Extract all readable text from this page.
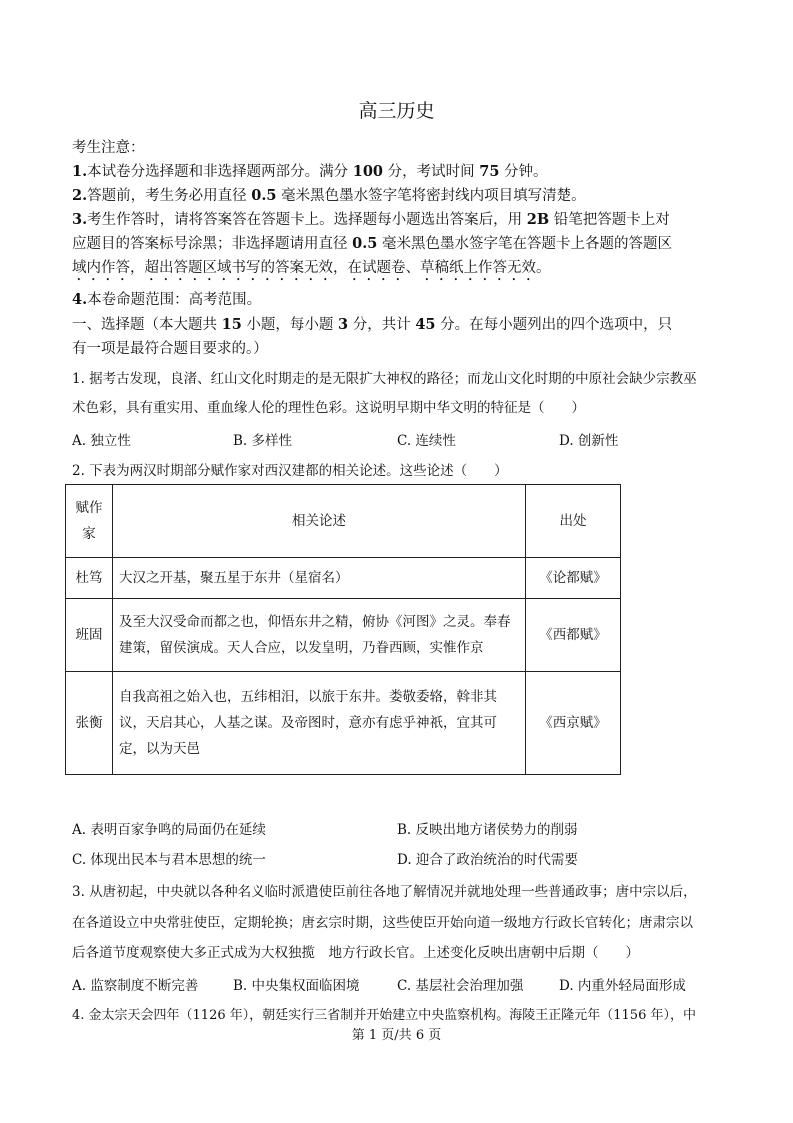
高三历史
考生注意：
1.本试卷分选择题和非选择题两部分。满分 100 分，考试时间 75 分钟。
2.答题前，考生务必用直径 0.5 毫米黑色墨水签字笔将密封线内项目填写清楚。
3.考生作答时，请将答案答在答题卡上。选择题每小题选出答案后，用 2B 铅笔把答题卡上对
应题目的答案标号涂黑；非选择题请用直径 0.5 毫米黑色墨水签字笔在答题卡上各题的答题区
域内作答，超出答题区域书写的答案无效，在试题卷、草稿纸上作答无效。
4.本卷命题范围：高考范围。
一、选择题（本大题共 15 小题，每小题 3 分，共计 45 分。在每小题列出的四个选项中，只
有一项是最符合题目要求的。）
1. 据考古发现，良渚、红山文化时期走的是无限扩大神权的路径；而龙山文化时期的中原社会缺少宗教巫
术色彩，具有重实用、重血缘人伦的理性色彩。这说明早期中华文明的特征是（　　）
A. 独立性	B. 多样性	C. 连续性	D. 创新性
2. 下表为两汉时期部分赋作家对西汉建都的相关论述。这些论述（　　）
赋作家	相关论述	出处
杜笃	大汉之开基，聚五星于东井（星宿名）	《论都赋》
班固	及至大汉受命而都之也，仰悟东井之精，俯协《河图》之灵。奉春建策，留侯演成。天人合应，以发皇明，乃眷西顾，实惟作京	《西都赋》
张衡	自我高祖之始入也，五纬相汨，以旅于东井。娄敬委辂，斡非其议，天启其心，人基之谋。及帝图时，意亦有虑乎神祇，宜其可定，以为天邑	《西京赋》
A. 表明百家争鸣的局面仍在延续	B. 反映出地方诸侯势力的削弱
C. 体现出民本与君本思想的统一	D. 迎合了政治统治的时代需要
3. 从唐初起，中央就以各种名义临时派遣使臣前往各地了解情况并就地处理一些普通政事；唐中宗以后，
在各道设立中央常驻使臣，定期轮换；唐玄宗时期，这些使臣开始向道一级地方行政长官转化；唐肃宗以
后各道节度观察使大多正式成为大权独揽　地方行政长官。上述变化反映出唐朝中后期（　　）
A. 监察制度不断完善	B. 中央集权面临困境	C. 基层社会治理加强	D. 内重外轻局面形成
4. 金太宗天会四年（1126 年），朝廷实行三省制并开始建立中央监察机构。海陵王正隆元年（1156 年），中
第 1 页/共 6 页
